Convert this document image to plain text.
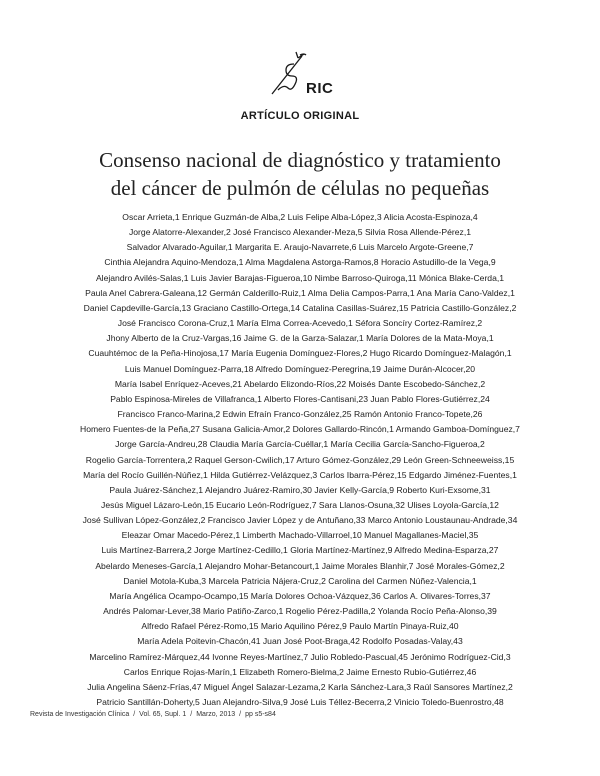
RIC
ARTÍCULO ORIGINAL
Consenso nacional de diagnóstico y tratamiento
del cáncer de pulmón de células no pequeñas
Oscar Arrieta,1 Enrique Guzmán-de Alba,2 Luis Felipe Alba-López,3 Alicia Acosta-Espinoza,4
Jorge Alatorre-Alexander,2 José Francisco Alexander-Meza,5 Silvia Rosa Allende-Pérez,1
Salvador Alvarado-Aguilar,1 Margarita E. Araujo-Navarrete,6 Luis Marcelo Argote-Greene,7
Cinthia Alejandra Aquino-Mendoza,1 Alma Magdalena Astorga-Ramos,8 Horacio Astudillo-de la Vega,9
Alejandro Avilés-Salas,1 Luis Javier Barajas-Figueroa,10 Nimbe Barroso-Quiroga,11 Mónica Blake-Cerda,1
Paula Anel Cabrera-Galeana,12 Germán Calderillo-Ruiz,1 Alma Delia Campos-Parra,1 Ana María Cano-Valdez,1
Daniel Capdeville-García,13 Graciano Castillo-Ortega,14 Catalina Casillas-Suárez,15 Patricia Castillo-González,2
José Francisco Corona-Cruz,1 María Elma Correa-Acevedo,1 Séfora Soncíry Cortez-Ramírez,2
Jhony Alberto de la Cruz-Vargas,16 Jaime G. de la Garza-Salazar,1 María Dolores de la Mata-Moya,1
Cuauhtémoc de la Peña-Hinojosa,17 María Eugenia Domínguez-Flores,2 Hugo Ricardo Domínguez-Malagón,1
Luis Manuel Domínguez-Parra,18 Alfredo Domínguez-Peregrina,19 Jaime Durán-Alcocer,20
María Isabel Enríquez-Aceves,21 Abelardo Elizondo-Ríos,22 Moisés Dante Escobedo-Sánchez,2
Pablo Espinosa-Mireles de Villafranca,1 Alberto Flores-Cantisani,23 Juan Pablo Flores-Gutiérrez,24
Francisco Franco-Marina,2 Edwin Efraín Franco-González,25 Ramón Antonio Franco-Topete,26
Homero Fuentes-de la Peña,27 Susana Galicia-Amor,2 Dolores Gallardo-Rincón,1 Armando Gamboa-Domínguez,7
Jorge García-Andreu,28 Claudia María García-Cuéllar,1 María Cecilia García-Sancho-Figueroa,2
Rogelio García-Torrentera,2 Raquel Gerson-Cwilich,17 Arturo Gómez-González,29 León Green-Schneeweiss,15
María del Rocío Guillén-Núñez,1 Hilda Gutiérrez-Velázquez,3 Carlos Ibarra-Pérez,15 Edgardo Jiménez-Fuentes,1
Paula Juárez-Sánchez,1 Alejandro Juárez-Ramiro,30 Javier Kelly-García,9 Roberto Kuri-Exsome,31
Jesús Miguel Lázaro-León,15 Eucario León-Rodríguez,7 Sara Llanos-Osuna,32 Ulises Loyola-García,12
José Sullivan López-González,2 Francisco Javier López y de Antuñano,33 Marco Antonio Loustaunau-Andrade,34
Eleazar Omar Macedo-Pérez,1 Limberth Machado-Villarroel,10 Manuel Magallanes-Maciel,35
Luis Martínez-Barrera,2 Jorge Martínez-Cedillo,1 Gloria Martínez-Martínez,9 Alfredo Medina-Esparza,27
Abelardo Meneses-García,1 Alejandro Mohar-Betancourt,1 Jaime Morales Blanhir,7 José Morales-Gómez,2
Daniel Motola-Kuba,3 Marcela Patricia Nájera-Cruz,2 Carolina del Carmen Núñez-Valencia,1
María Angélica Ocampo-Ocampo,15 María Dolores Ochoa-Vázquez,36 Carlos A. Olivares-Torres,37
Andrés Palomar-Lever,38 Mario Patiño-Zarco,1 Rogelio Pérez-Padilla,2 Yolanda Rocío Peña-Alonso,39
Alfredo Rafael Pérez-Romo,15 Mario Aquilino Pérez,9 Paulo Martín Pinaya-Ruiz,40
María Adela Poitevin-Chacón,41 Juan José Poot-Braga,42 Rodolfo Posadas-Valay,43
Marcelino Ramírez-Márquez,44 Ivonne Reyes-Martínez,7 Julio Robledo-Pascual,45 Jerónimo Rodríguez-Cid,3
Carlos Enrique Rojas-Marín,1 Elizabeth Romero-Bielma,2 Jaime Ernesto Rubio-Gutiérrez,46
Julia Angelina Sáenz-Frías,47 Miguel Ángel Salazar-Lezama,2 Karla Sánchez-Lara,3 Raúl Sansores Martínez,2
Patricio Santillán-Doherty,5 Juan Alejandro-Silva,9 José Luis Téllez-Becerra,2 Vinicio Toledo-Buenrostro,48
Revista de Investigación Clínica / Vol. 65, Supl. 1 / Marzo, 2013 / pp s5-s84
